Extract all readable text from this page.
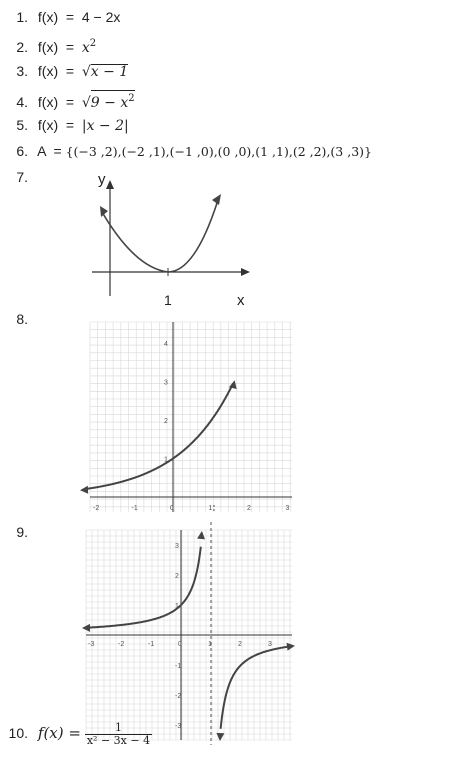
1. f(x) = 4 − 2x
2. $f(x) = x^2$
3. f(x) = √x − 1
4. $f(x) = √9 - x^2$
5. f(x) = |x − 2|
6. A = {(−3 ,2),(−2 ,1),(−1 ,0),(0 ,0),(1 ,1),(2 ,2),(3 ,3)}
7.	y
1	x
8.
-2	-1	0	1	2	3
1
2
3
4
9.
-3	-2	-1	0	1	2	3
1
2
3
-1
-2
-3
10. $f(x) = \frac{1}{\text{x² − 3x − 4}}$
